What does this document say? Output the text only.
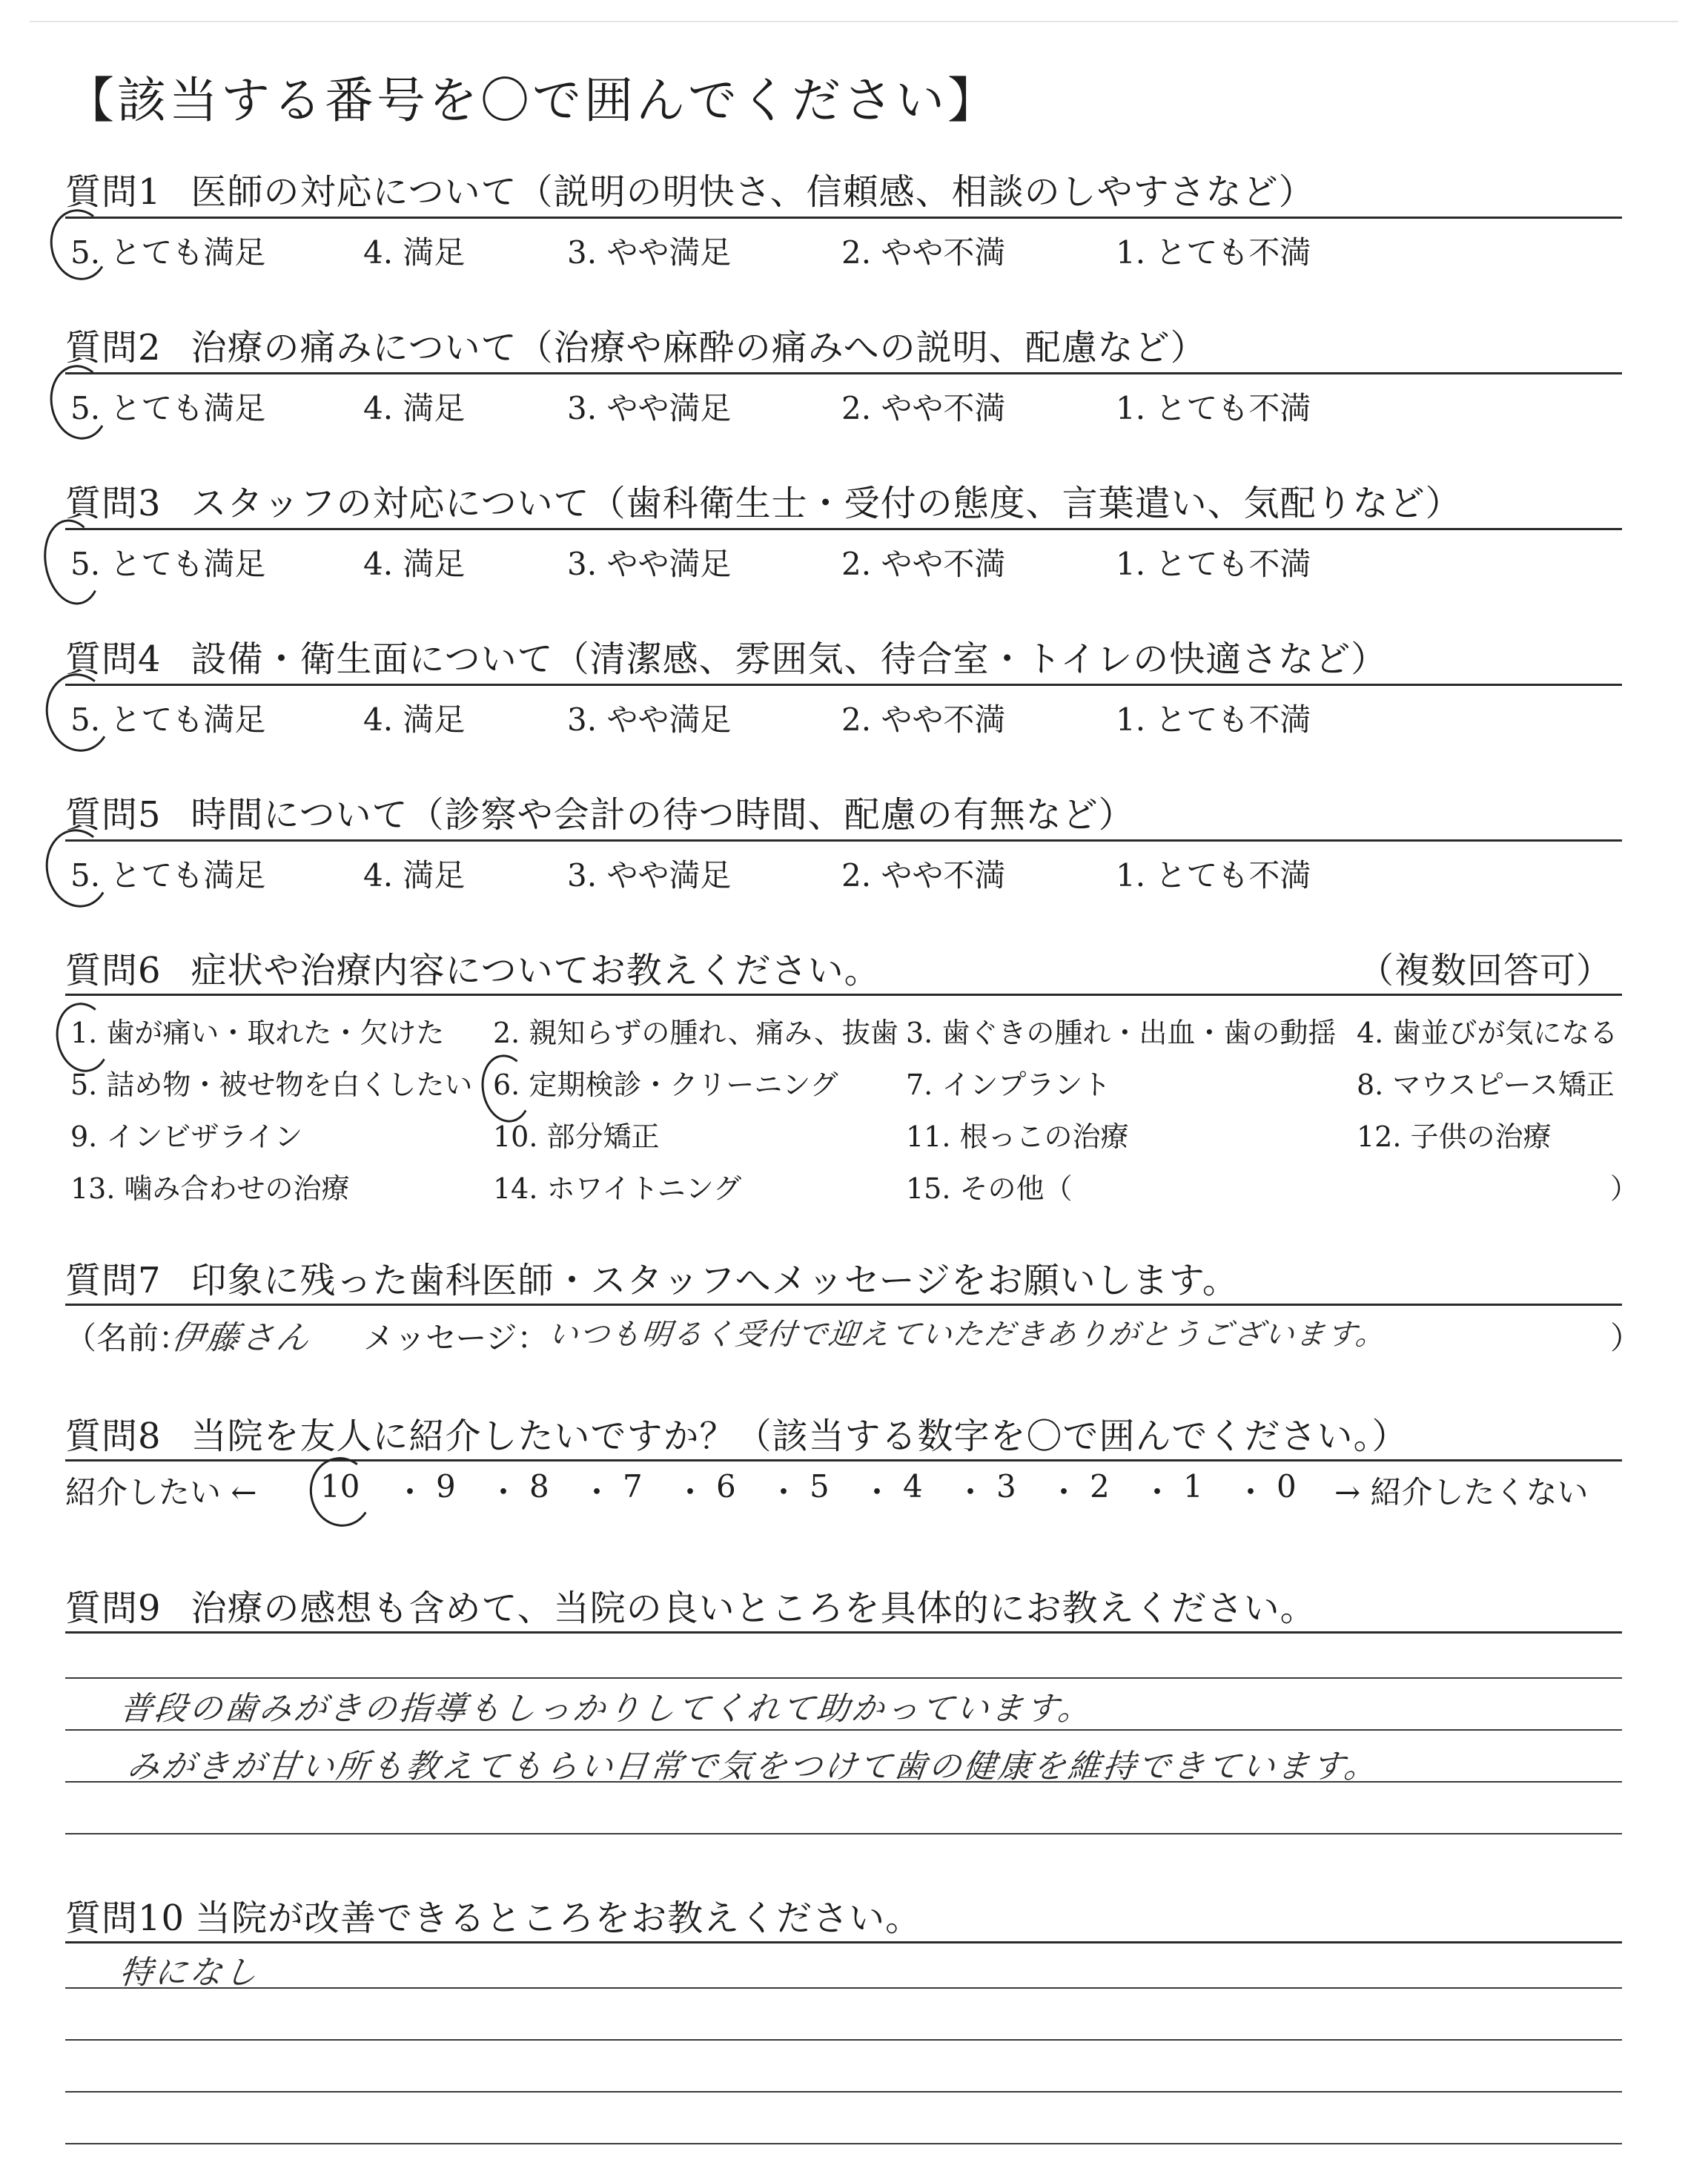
【該当する番号を〇で囲んでください】
質問1 医師の対応について（説明の明快さ、信頼感、相談のしやすさなど）
5. とても満足	4. 満足	3. やや満足	2. やや不満	1. とても不満
質問2 治療の痛みについて（治療や麻酔の痛みへの説明、配慮など）
5. とても満足	4. 満足	3. やや満足	2. やや不満	1. とても不満
質問3 スタッフの対応について（歯科衛生士・受付の態度、言葉遣い、気配りなど）
5. とても満足	4. 満足	3. やや満足	2. やや不満	1. とても不満
質問4 設備・衛生面について（清潔感、雰囲気、待合室・トイレの快適さなど）
5. とても満足	4. 満足	3. やや満足	2. やや不満	1. とても不満
質問5 時間について（診察や会計の待つ時間、配慮の有無など）
5. とても満足	4. 満足	3. やや満足	2. やや不満	1. とても不満
質問6 症状や治療内容についてお教えください。	（複数回答可）
1. 歯が痛い・取れた・欠けた 2. 親知らずの腫れ、痛み、抜歯 3. 歯ぐきの腫れ・出血・歯の動揺 4. 歯並びが気になる
5. 詰め物・被せ物を白くしたい 6. 定期検診・クリーニング 7. インプラント	8. マウスピース矯正
9. インビザライン	10. 部分矯正	11. 根っこの治療	12. 子供の治療
13. 噛み合わせの治療	14. ホワイトニング	15. その他（	）
質問7 印象に残った歯科医師・スタッフへメッセージをお願いします。
（名前：
伊藤さん メッセージ：
いつも明るく受付で迎えていただきありがとうございます。	）
質問8 当院を友人に紹介したいですか？（該当する数字を〇で囲んでください。）
紹介したい ← 10 ・ 9 ・ 8 ・ 7 ・ 6 ・ 5 ・ 4 ・ 3 ・ 2 ・ 1 ・ 0 → 紹介したくない
質問9 治療の感想も含めて、当院の良いところを具体的にお教えください。
普段の歯みがきの指導もしっかりしてくれて助かっています。
みがきが甘い所も教えてもらい日常で気をつけて歯の健康を維持できています。
質問10 当院が改善できるところをお教えください。
特になし
